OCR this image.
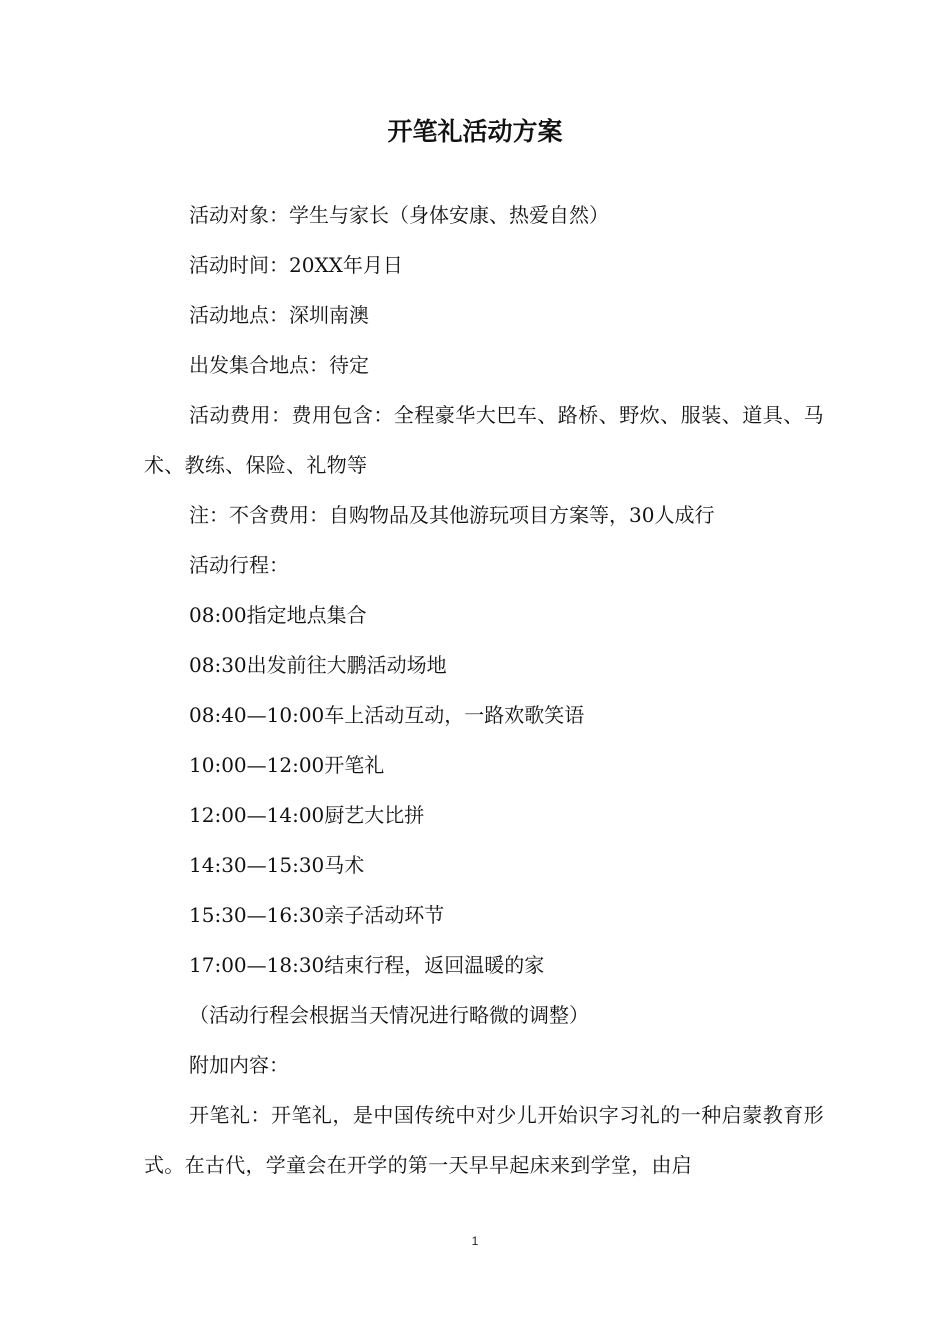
开笔礼活动方案

活动对象：学生与家长（身体安康、热爱自然）

活动时间：20XX年月日

活动地点：深圳南澳

出发集合地点：待定

活动费用：费用包含：全程豪华大巴车、路桥、野炊、服装、道具、马术、教练、保险、礼物等

注：不含费用：自购物品及其他游玩项目方案等，30人成行

活动行程：

08:00指定地点集合

08:30出发前往大鹏活动场地

08:40—10:00车上活动互动，一路欢歌笑语

10:00—12:00开笔礼

12:00—14:00厨艺大比拼

14:30—15:30马术

15:30—16:30亲子活动环节

17:00—18:30结束行程，返回温暖的家

（活动行程会根据当天情况进行略微的调整）

附加内容：

开笔礼：开笔礼，是中国传统中对少儿开始识字习礼的一种启蒙教育形式。在古代，学童会在开学的第一天早早起床来到学堂，由启

1
